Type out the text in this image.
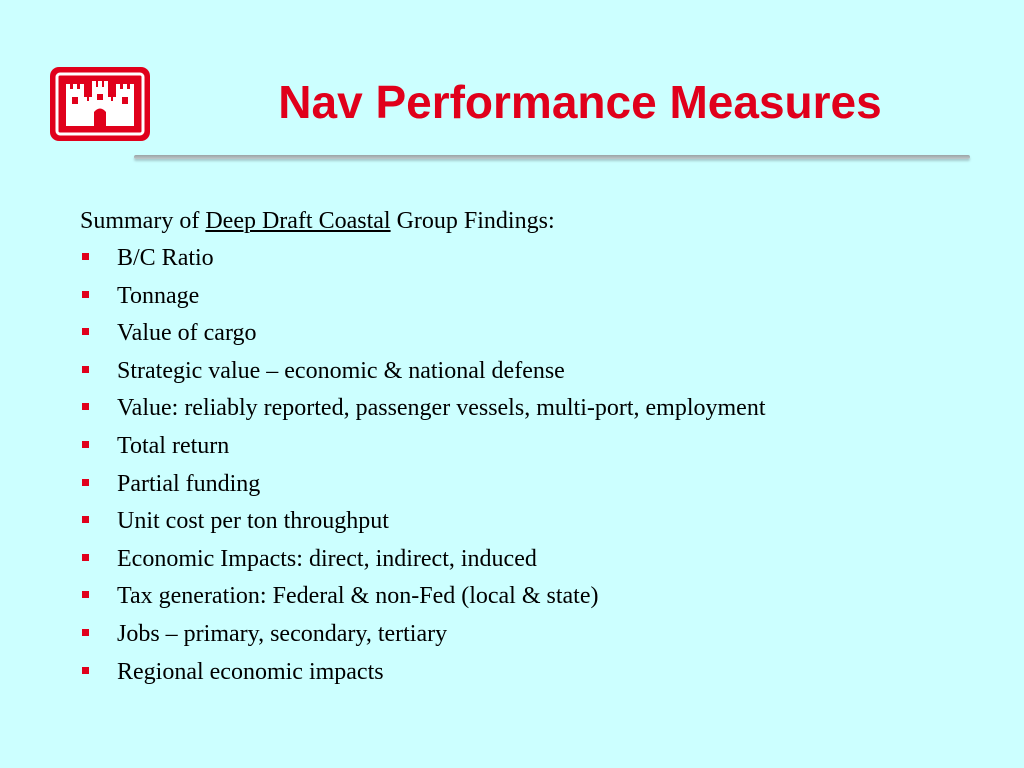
Nav Performance Measures
Summary of Deep Draft Coastal Group Findings:
B/C Ratio
Tonnage
Value of cargo
Strategic value – economic & national defense
Value: reliably reported, passenger vessels, multi-port, employment
Total return
Partial funding
Unit cost per ton throughput
Economic Impacts: direct, indirect, induced
Tax generation: Federal & non-Fed (local & state)
Jobs – primary, secondary, tertiary
Regional economic impacts
